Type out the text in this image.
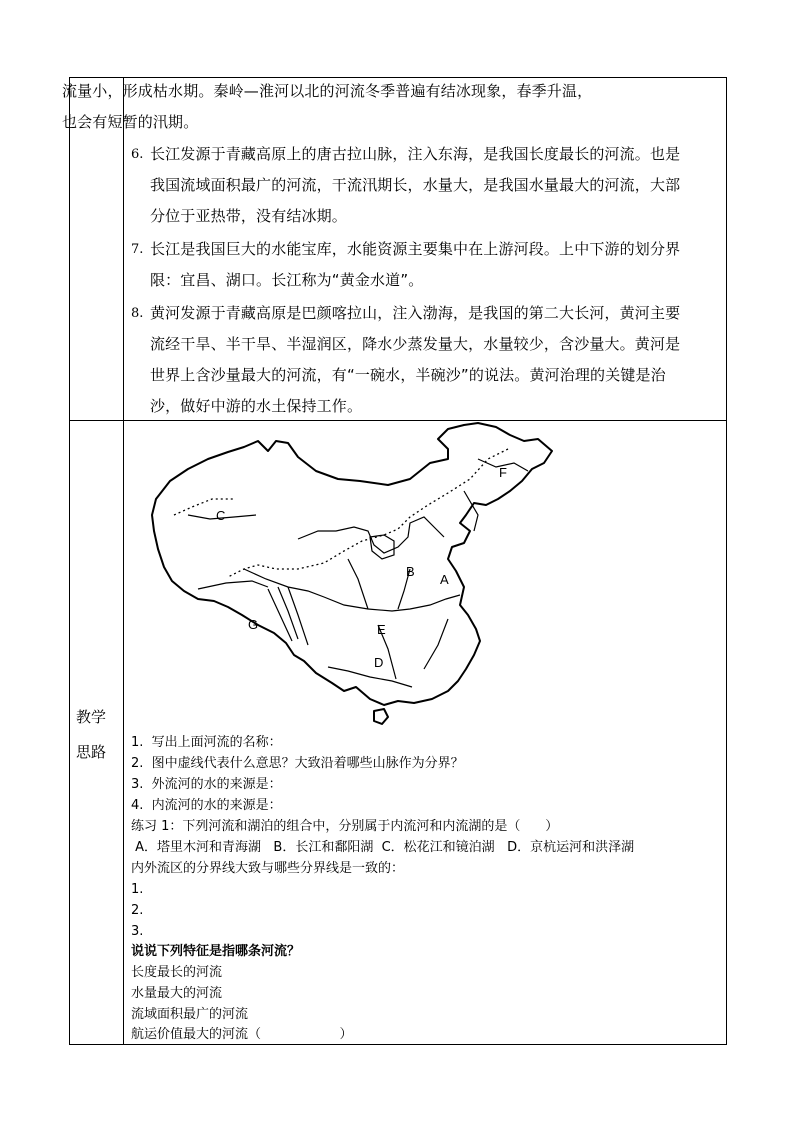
流量小，形成枯水期。秦岭—淮河以北的河流冬季普遍有结冰现象，春季升温，
也会有短暂的汛期。
6. 长江发源于青藏高原上的唐古拉山脉，注入东海，是我国长度最长的河流。也是
我国流域面积最广的河流，干流汛期长，水量大，是我国水量最大的河流，大部
分位于亚热带，没有结冰期。
7. 长江是我国巨大的水能宝库，水能资源主要集中在上游河段。上中下游的划分界
限：宜昌、湖口。长江称为“黄金水道”。
8. 黄河发源于青藏高原是巴颜喀拉山，注入渤海，是我国的第二大长河，黄河主要
流经干旱、半干旱、半湿润区，降水少蒸发量大，水量较少，含沙量大。黄河是
世界上含沙量最大的河流，有“一碗水，半碗沙”的说法。黄河治理的关键是治
沙，做好中游的水土保持工作。
教学
思路
A
B
C
D
E
F
G
1.  写出上面河流的名称：
2.  图中虚线代表什么意思？大致沿着哪些山脉作为分界？
3.  外流河的水的来源是：
4.  内流河的水的来源是：
练习 1：下列河流和湖泊的组合中，分别属于内流河和内流湖的是（      ）
A．塔里木河和青海湖   B．长江和鄱阳湖  C．松花江和镜泊湖   D．京杭运河和洪泽湖
内外流区的分界线大致与哪些分界线是一致的：
1.
2.
3.
说说下列特征是指哪条河流？
长度最长的河流
水量最大的河流
流域面积最广的河流
航运价值最大的河流（                   ）
